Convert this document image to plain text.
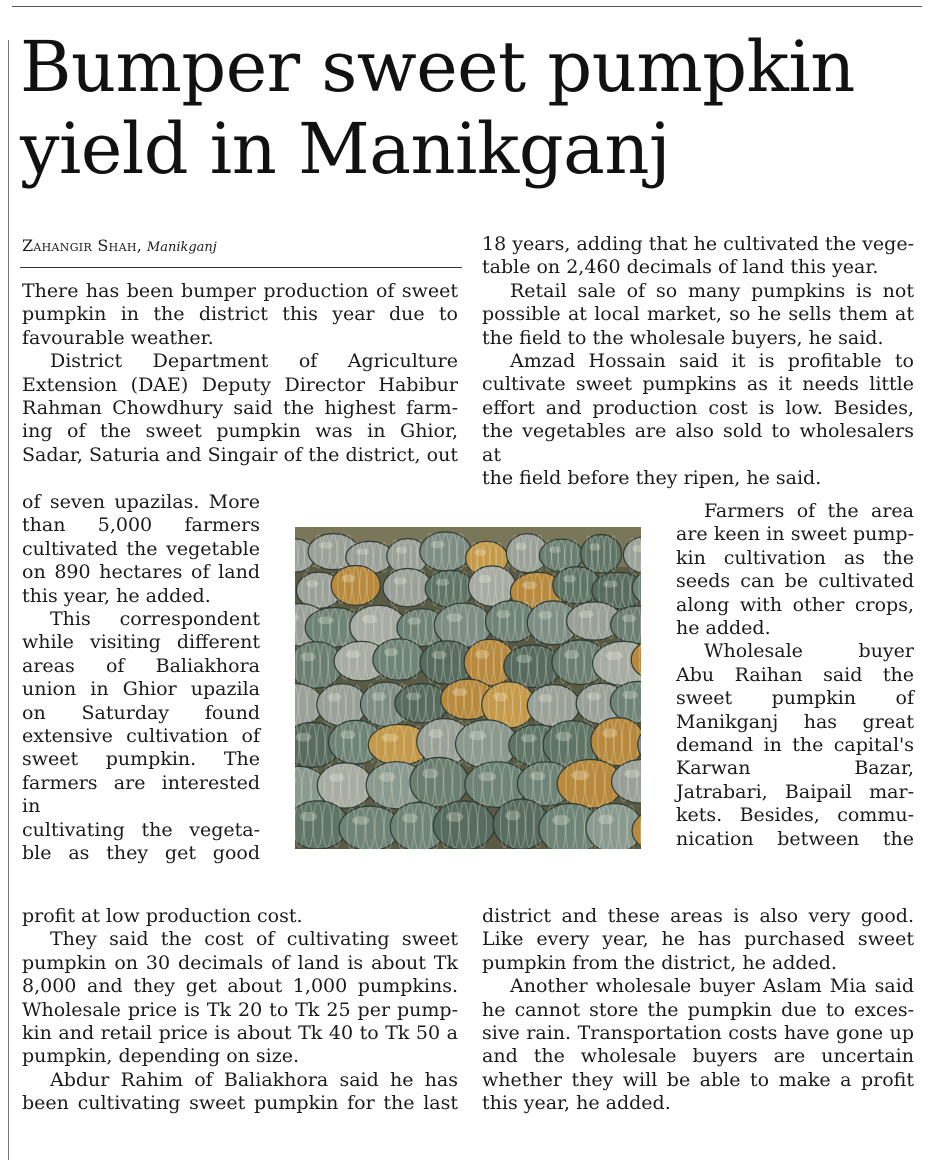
Bumper sweet pumpkin
yield in Manikganj
Zahangir Shah, Manikganj
There has been bumper production of sweet
pumpkin in the district this year due to
favourable weather.
District Department of Agriculture
Extension (DAE) Deputy Director Habibur
Rahman Chowdhury said the highest farm-
ing of the sweet pumpkin was in Ghior,
Sadar, Saturia and Singair of the district, out
of seven upazilas. More
than 5,000 farmers
cultivated the vegetable
on 890 hectares of land
this year, he added.
This correspondent
while visiting different
areas of Baliakhora
union in Ghior upazila
on Saturday found
extensive cultivation of
sweet pumpkin. The
farmers are interested in
cultivating the vegeta-
ble as they get good
profit at low production cost.
They said the cost of cultivating sweet
pumpkin on 30 decimals of land is about Tk
8,000 and they get about 1,000 pumpkins.
Wholesale price is Tk 20 to Tk 25 per pump-
kin and retail price is about Tk 40 to Tk 50 a
pumpkin, depending on size.
Abdur Rahim of Baliakhora said he has
been cultivating sweet pumpkin for the last
18 years, adding that he cultivated the vege-
table on 2,460 decimals of land this year.
Retail sale of so many pumpkins is not
possible at local market, so he sells them at
the field to the wholesale buyers, he said.
Amzad Hossain said it is profitable to
cultivate sweet pumpkins as it needs little
effort and production cost is low. Besides,
the vegetables are also sold to wholesalers at
the field before they ripen, he said.
Farmers of the area
are keen in sweet pump-
kin cultivation as the
seeds can be cultivated
along with other crops,
he added.
Wholesale buyer
Abu Raihan said the
sweet pumpkin of
Manikganj has great
demand in the capital's
Karwan Bazar,
Jatrabari, Baipail mar-
kets. Besides, commu-
nication between the
district and these areas is also very good.
Like every year, he has purchased sweet
pumpkin from the district, he added.
Another wholesale buyer Aslam Mia said
he cannot store the pumpkin due to exces-
sive rain. Transportation costs have gone up
and the wholesale buyers are uncertain
whether they will be able to make a profit
this year, he added.
